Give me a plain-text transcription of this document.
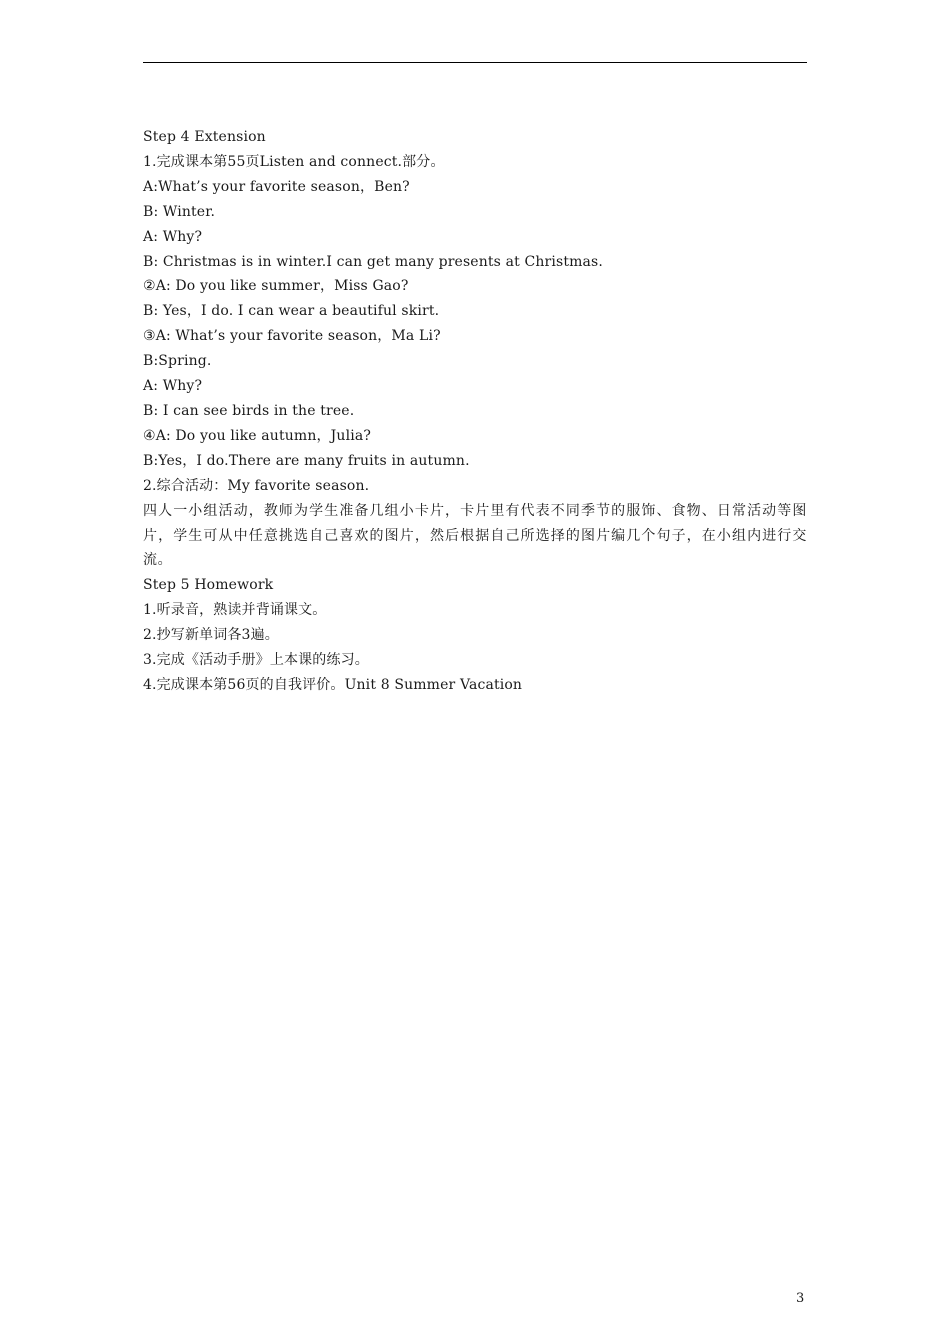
Step 4 Extension
1.完成课本第55页Listen and connect.部分。
A:What’s your favorite season，Ben?
B: Winter.
A: Why?
B: Christmas is in winter.I can get many presents at Christmas.
②A: Do you like summer，Miss Gao?
B: Yes，I do. I can wear a beautiful skirt.
③A: What’s your favorite season，Ma Li?
B:Spring.
A: Why?
B: I can see birds in the tree.
④A: Do you like autumn，Julia?
B:Yes，I do.There are many fruits in autumn.
2.综合活动：My favorite season.
四人一小组活动，教师为学生准备几组小卡片，卡片里有代表不同季节的服饰、食物、日常活动等图片，学生可从中任意挑选自己喜欢的图片，然后根据自己所选择的图片编几个句子，在小组内进行交流。
Step 5 Homework
1.听录音，熟读并背诵课文。
2.抄写新单词各3遍。
3.完成《活动手册》上本课的练习。
4.完成课本第56页的自我评价。Unit 8 Summer Vacation
3
